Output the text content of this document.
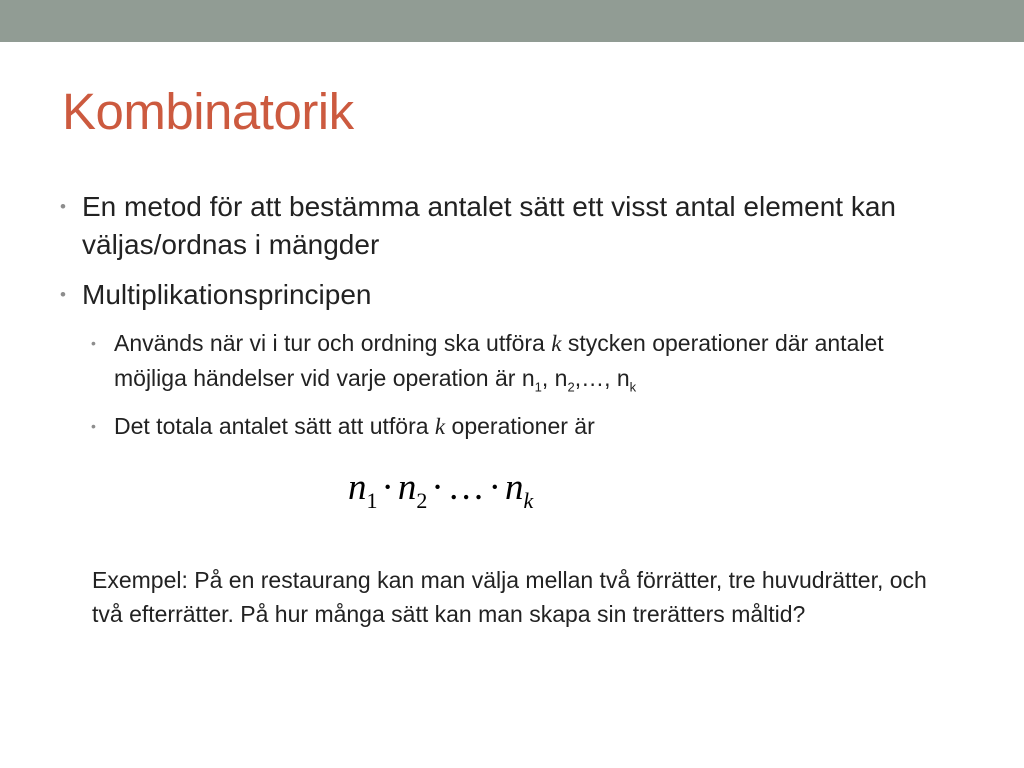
Kombinatorik
• En metod för att bestämma antalet sätt ett visst antal element kan väljas/ordnas i mängder
• Multiplikationsprincipen
• Används när vi i tur och ordning ska utföra k stycken operationer där antalet möjliga händelser vid varje operation är $n_1$, $n_2,\dots$, $n_k$
• Det totala antalet sätt att utföra k operationer är
$n_1 \cdot n_2$ · … · $n_k$
Exempel: På en restaurang kan man välja mellan två förrätter, tre huvudrätter, och två efterrätter. På hur många sätt kan man skapa sin trerätters måltid?
